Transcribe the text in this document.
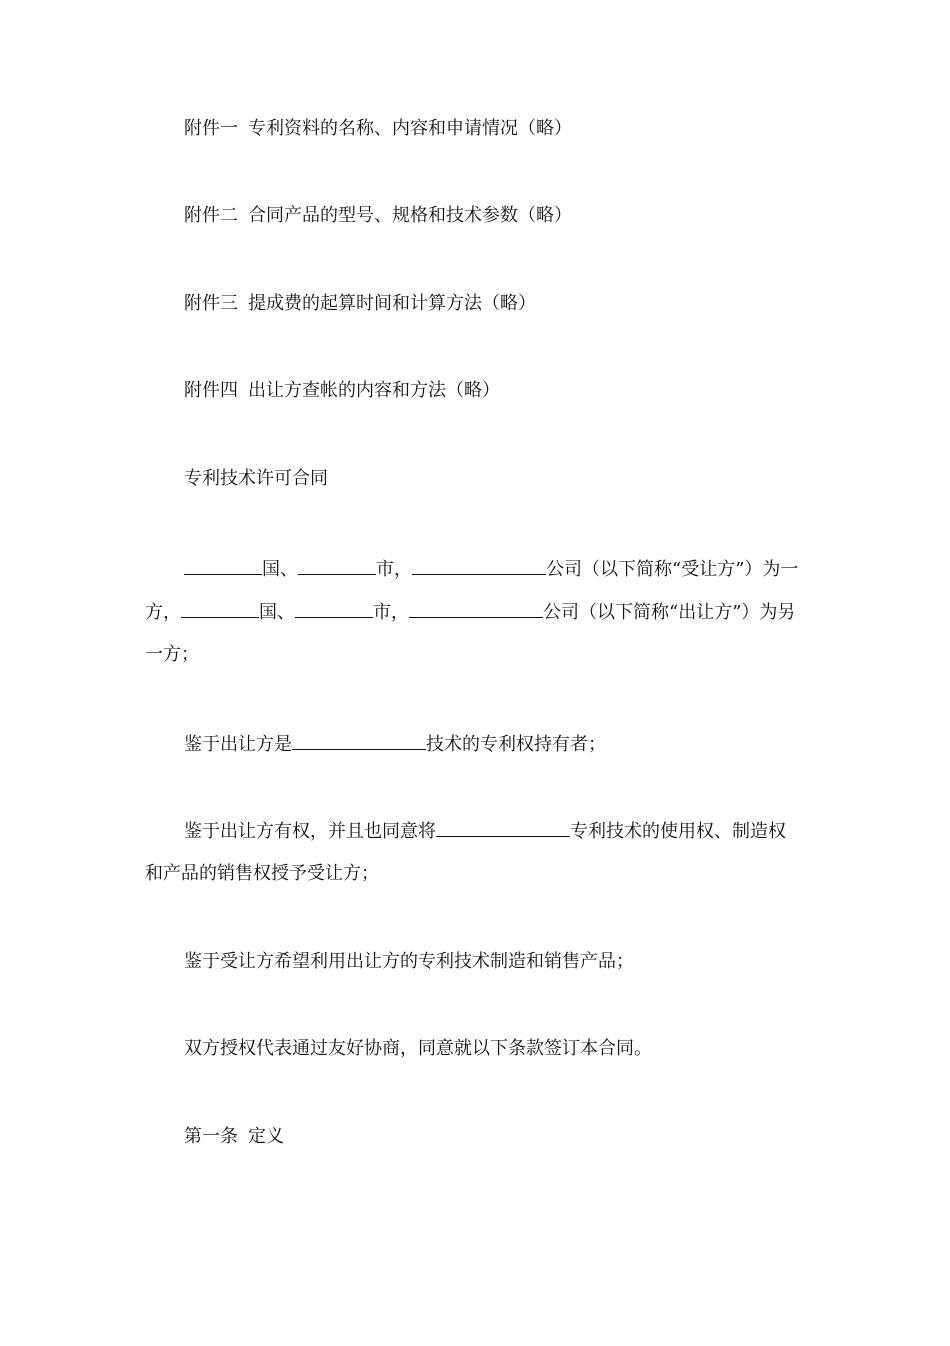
附件一 专利资料的名称、内容和申请情况（略）
附件二 合同产品的型号、规格和技术参数（略）
附件三 提成费的起算时间和计算方法（略）
附件四 出让方查帐的内容和方法（略）
专利技术许可合同
国、	市，	公司（以下简称“受让方”）为一
方，	国、	市，	公司（以下简称“出让方”）为另
一方；
鉴于出让方是	技术的专利权持有者；
鉴于出让方有权，并且也同意将	专利技术的使用权、制造权
和产品的销售权授予受让方；
鉴于受让方希望利用出让方的专利技术制造和销售产品；
双方授权代表通过友好协商，同意就以下条款签订本合同。
第一条 定义
